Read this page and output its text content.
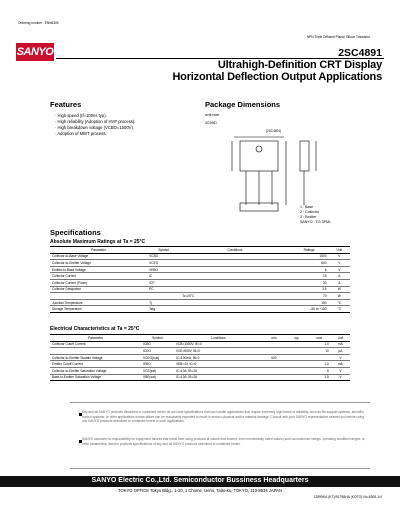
Ordering number : ENN6305
NPN Triple Diffused Planar Silicon Transistor
SANYO	2SC4891
Ultrahigh-Definition CRT Display
Horizontal Deflection Output Applications
Features
· High speed (tf=100ns typ).
· High reliability (Adoption of HVP process).
· High breakdown voltage (VCBO=1500V).
· Adoption of MBIT process.
Package Dimensions
unit:mm
2039D
[2SC4891]
1 : Base
2 : Collector
3 : Emitter
SANYO : TO-3PML
Specifications
Absolute Maximum Ratings at Ta = 25°C
Parameter	Symbol	Conditions	Ratings	Unit
Collector-to-Base Voltage	VCBO		1500	V
Collector-to-Emitter Voltage	VCEO		600	V
Emitter-to-Base Voltage	VEBO		6	V
Collector Current	IC		15	A
Collector Current (Pulse)	ICP		30	A
Collector Dissipation	PC		3.5	W
		Tc=25°C	70	W
Junction Temperature	Tj		150	°C
Storage Temperature	Tstg		–55 to +150	°C
Electrical Characteristics at Ta = 25°C
Parameter	Symbol	Conditions	min	typ	max	Unit
Collector Cutoff Current	ICBO	VCB=1500V, IE=0			1.0	mA
	ICEO	VCE=600V, IB=0			10	μA
Collector-to-Emitter Sustain Voltage	VCEO(sus)	IC=100mA, IB=0	600			V
Emitter Cutoff Current	IEBO	VEB=4V, IC=0			1.0	mA
Collector-to-Emitter Saturation Voltage	VCE(sat)	IC=10A, IB=2A			5	V
Base-to-Emitter Saturation Voltage	VBE(sat)	IC=10A, IB=2A			1.5	V
Any and all SANYO products described or contained herein do not have specifications that can handle applications that require extremely high levels of reliability, such as life-support systems, aircraft's control systems, or other applications whose failure can be reasonably expected to result in serious physical and/or material damage. Consult with your SANYO representative nearest you before using any SANYO products described or contained herein in such applications.
SANYO assumes no responsibility for equipment failures that result from using products at values that exceed, even momentarily, rated values (such as maximum ratings, operating condition ranges, or other parameters) listed in products specifications of any and all SANYO products described or contained herein.
SANYO Electric Co.,Ltd. Semiconductor Bussiness Headquarters
TOKYO OFFICE Tokyo Bldg., 1-10, 1 Chome, Ueno, Taito-ku, TOKYO, 110-8534 JAPAN
12899KA (KT)/91798HA (KOTO) No.6305-1/4
